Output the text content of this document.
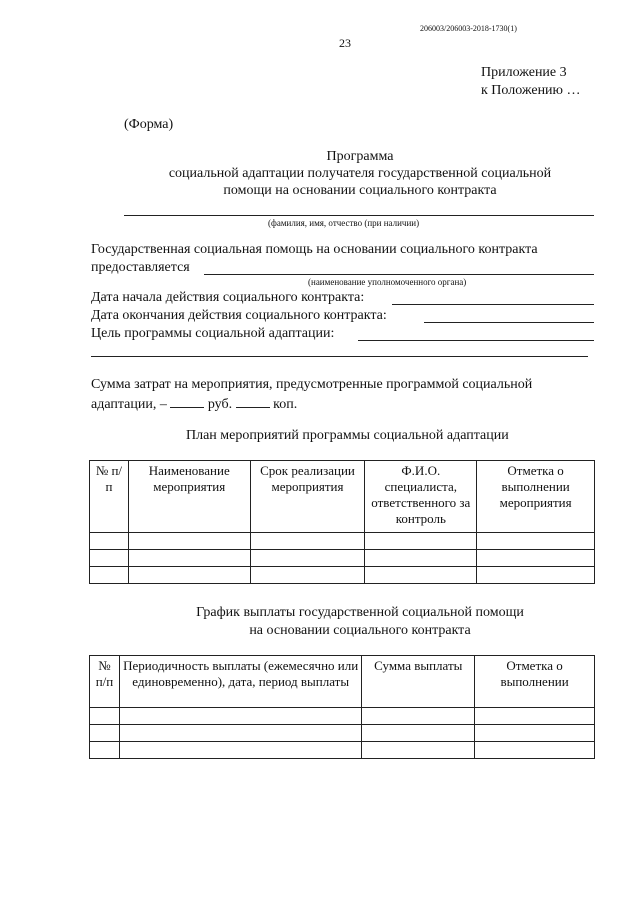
206003/206003-2018-1730(1)
23
Приложение 3
к Положению …
(Форма)
Программа
социальной адаптации получателя государственной социальной
помощи на основании социального контракта
(фамилия, имя, отчество (при наличии)
Государственная социальная помощь на основании социального контракта
предоставляется
(наименование уполномоченного органа)
Дата начала действия социального контракта:
Дата окончания действия социального контракта:
Цель программы социальной адаптации:
Сумма затрат на мероприятия, предусмотренные программой социальной
адаптации, –	руб.	коп.
План мероприятий программы социальной адаптации
№ п/п	Наименование мероприятия	Срок реализации мероприятия	Ф.И.О. специалиста, ответственного за контроль	Отметка о выполнении мероприятия

График выплаты государственной социальной помощи
на основании социального контракта
№ п/п	Периодичность выплаты (ежемесячно или единовременно), дата, период выплаты	Сумма выплаты	Отметка о выполнении
